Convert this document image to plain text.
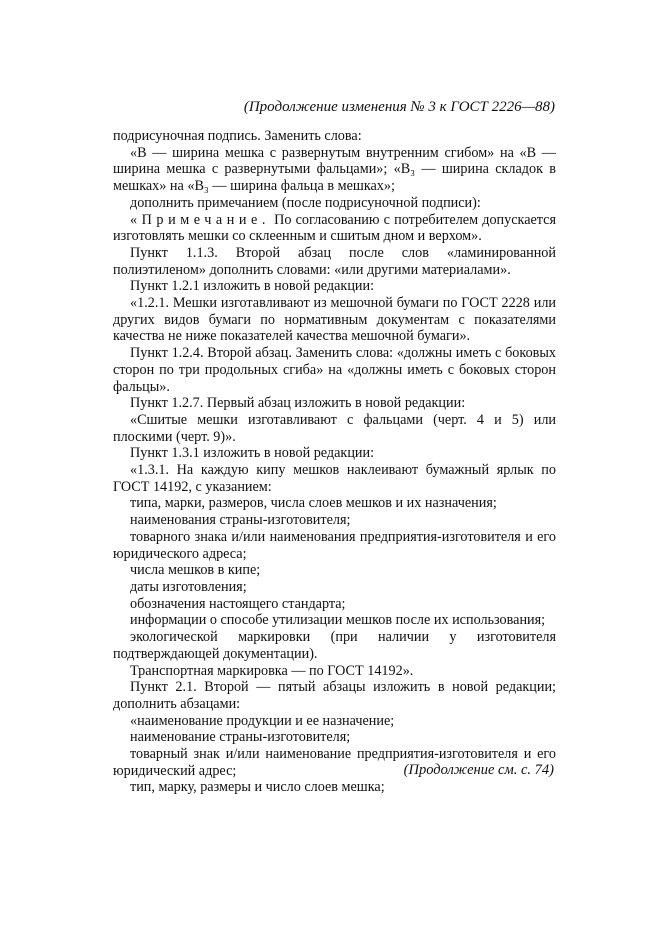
(Продолжение изменения № 3 к ГОСТ 2226—88)

подрисуночная подпись. Заменить слова:

«В — ширина мешка с развернутым внутренним сгибом» на «В — ширина мешка с развернутыми фальцами»; «В₃ — ширина складок в мешках» на «В₃ — ширина фальца в мешках»;

дополнить примечанием (после подрисуночной подписи):

«Примечание. По согласованию с потребителем допускается изготовлять мешки со склеенным и сшитым дном и верхом».

Пункт 1.1.3. Второй абзац после слов «ламинированной полиэтиленом» дополнить словами: «или другими материалами».

Пункт 1.2.1 изложить в новой редакции:

«1.2.1. Мешки изготавливают из мешочной бумаги по ГОСТ 2228 или других видов бумаги по нормативным документам с показателями качества не ниже показателей качества мешочной бумаги».

Пункт 1.2.4. Второй абзац. Заменить слова: «должны иметь с боковых сторон по три продольных сгиба» на «должны иметь с боковых сторон фальцы».

Пункт 1.2.7. Первый абзац изложить в новой редакции:

«Сшитые мешки изготавливают с фальцами (черт. 4 и 5) или плоскими (черт. 9)».

Пункт 1.3.1 изложить в новой редакции:

«1.3.1. На каждую кипу мешков наклеивают бумажный ярлык по ГОСТ 14192, с указанием:

типа, марки, размеров, числа слоев мешков и их назначения;

наименования страны-изготовителя;

товарного знака и/или наименования предприятия-изготовителя и его юридического адреса;

числа мешков в кипе;

даты изготовления;

обозначения настоящего стандарта;

информации о способе утилизации мешков после их использования;

экологической маркировки (при наличии у изготовителя подтверждающей документации).

Транспортная маркировка — по ГОСТ 14192».

Пункт 2.1. Второй — пятый абзацы изложить в новой редакции; дополнить абзацами:

«наименование продукции и ее назначение;

наименование страны-изготовителя;

товарный знак и/или наименование предприятия-изготовителя и его юридический адрес;

тип, марку, размеры и число слоев мешка;

(Продолжение см. с. 74)
